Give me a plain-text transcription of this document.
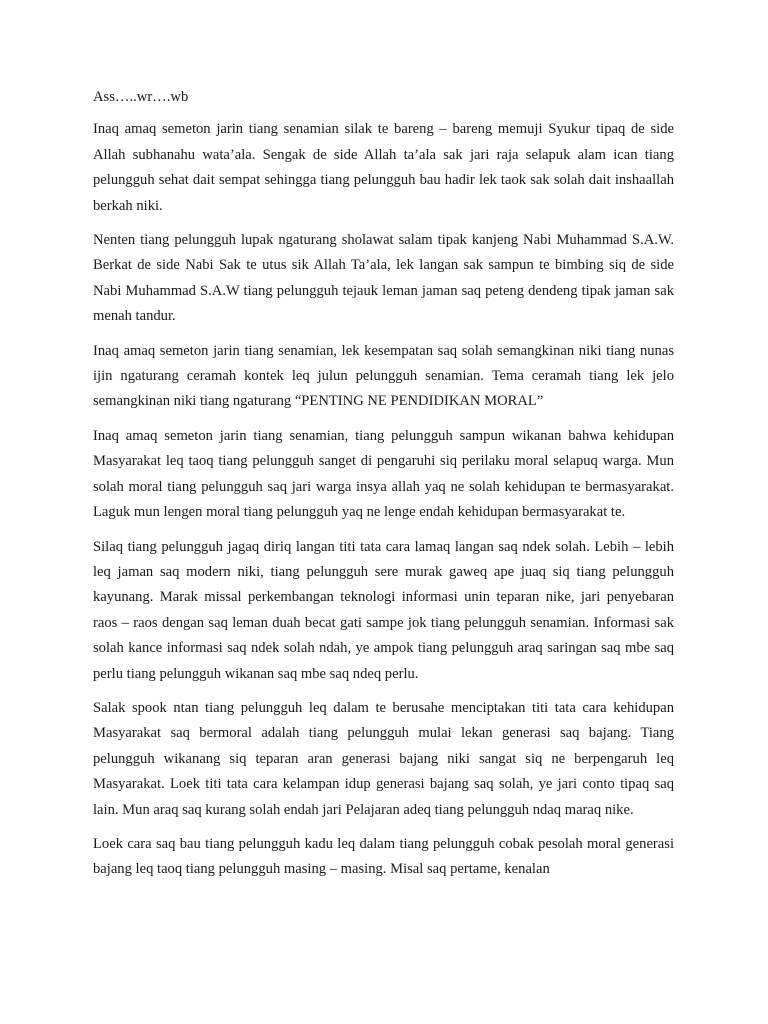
Ass…..wr….wb

Inaq amaq semeton jarin tiang senamian silak te bareng – bareng memuji Syukur tipaq de side Allah subhanahu wata’ala. Sengak de side Allah ta’ala sak jari raja selapuk alam ican tiang pelungguh sehat dait sempat sehingga tiang pelungguh bau hadir lek taok sak solah dait inshaallah berkah niki.

Nenten tiang pelungguh lupak ngaturang sholawat salam tipak kanjeng Nabi Muhammad S.A.W. Berkat de side Nabi Sak te utus sik Allah Ta’ala, lek langan sak sampun te bimbing siq de side Nabi Muhammad S.A.W tiang pelungguh tejauk leman jaman saq peteng dendeng tipak jaman sak menah tandur.

Inaq amaq semeton jarin tiang senamian, lek kesempatan saq solah semangkinan niki tiang nunas ijin ngaturang ceramah kontek leq julun pelungguh senamian. Tema ceramah tiang lek jelo semangkinan niki tiang ngaturang “PENTING NE PENDIDIKAN MORAL”

Inaq amaq semeton jarin tiang senamian, tiang pelungguh sampun wikanan bahwa kehidupan Masyarakat leq taoq tiang pelungguh sanget di pengaruhi siq perilaku moral selapuq warga. Mun solah moral tiang pelungguh saq jari warga insya allah yaq ne solah kehidupan te bermasyarakat. Laguk mun lengen moral tiang pelungguh yaq ne lenge endah kehidupan bermasyarakat te.

Silaq tiang pelungguh jagaq diriq langan titi tata cara lamaq langan saq ndek solah. Lebih – lebih leq jaman saq modern niki, tiang pelungguh sere murak gaweq ape juaq siq tiang pelungguh kayunang. Marak missal perkembangan teknologi informasi unin teparan nike, jari penyebaran raos – raos dengan saq leman duah becat gati sampe jok tiang pelungguh senamian. Informasi sak solah kance informasi saq ndek solah ndah, ye ampok tiang pelungguh araq saringan saq mbe saq perlu tiang pelungguh wikanan saq mbe saq ndeq perlu.

Salak spook ntan tiang pelungguh leq dalam te berusahe menciptakan titi tata cara kehidupan Masyarakat saq bermoral adalah tiang pelungguh mulai lekan generasi saq bajang. Tiang pelungguh wikanang siq teparan aran generasi bajang niki sangat siq ne berpengaruh leq Masyarakat. Loek titi tata cara kelampan idup generasi bajang saq solah, ye jari conto tipaq saq lain. Mun araq saq kurang solah endah jari Pelajaran adeq tiang pelungguh ndaq maraq nike.

Loek cara saq bau tiang pelungguh kadu leq dalam tiang pelungguh cobak pesolah moral generasi bajang leq taoq tiang pelungguh masing – masing. Misal saq pertame, kenalan
